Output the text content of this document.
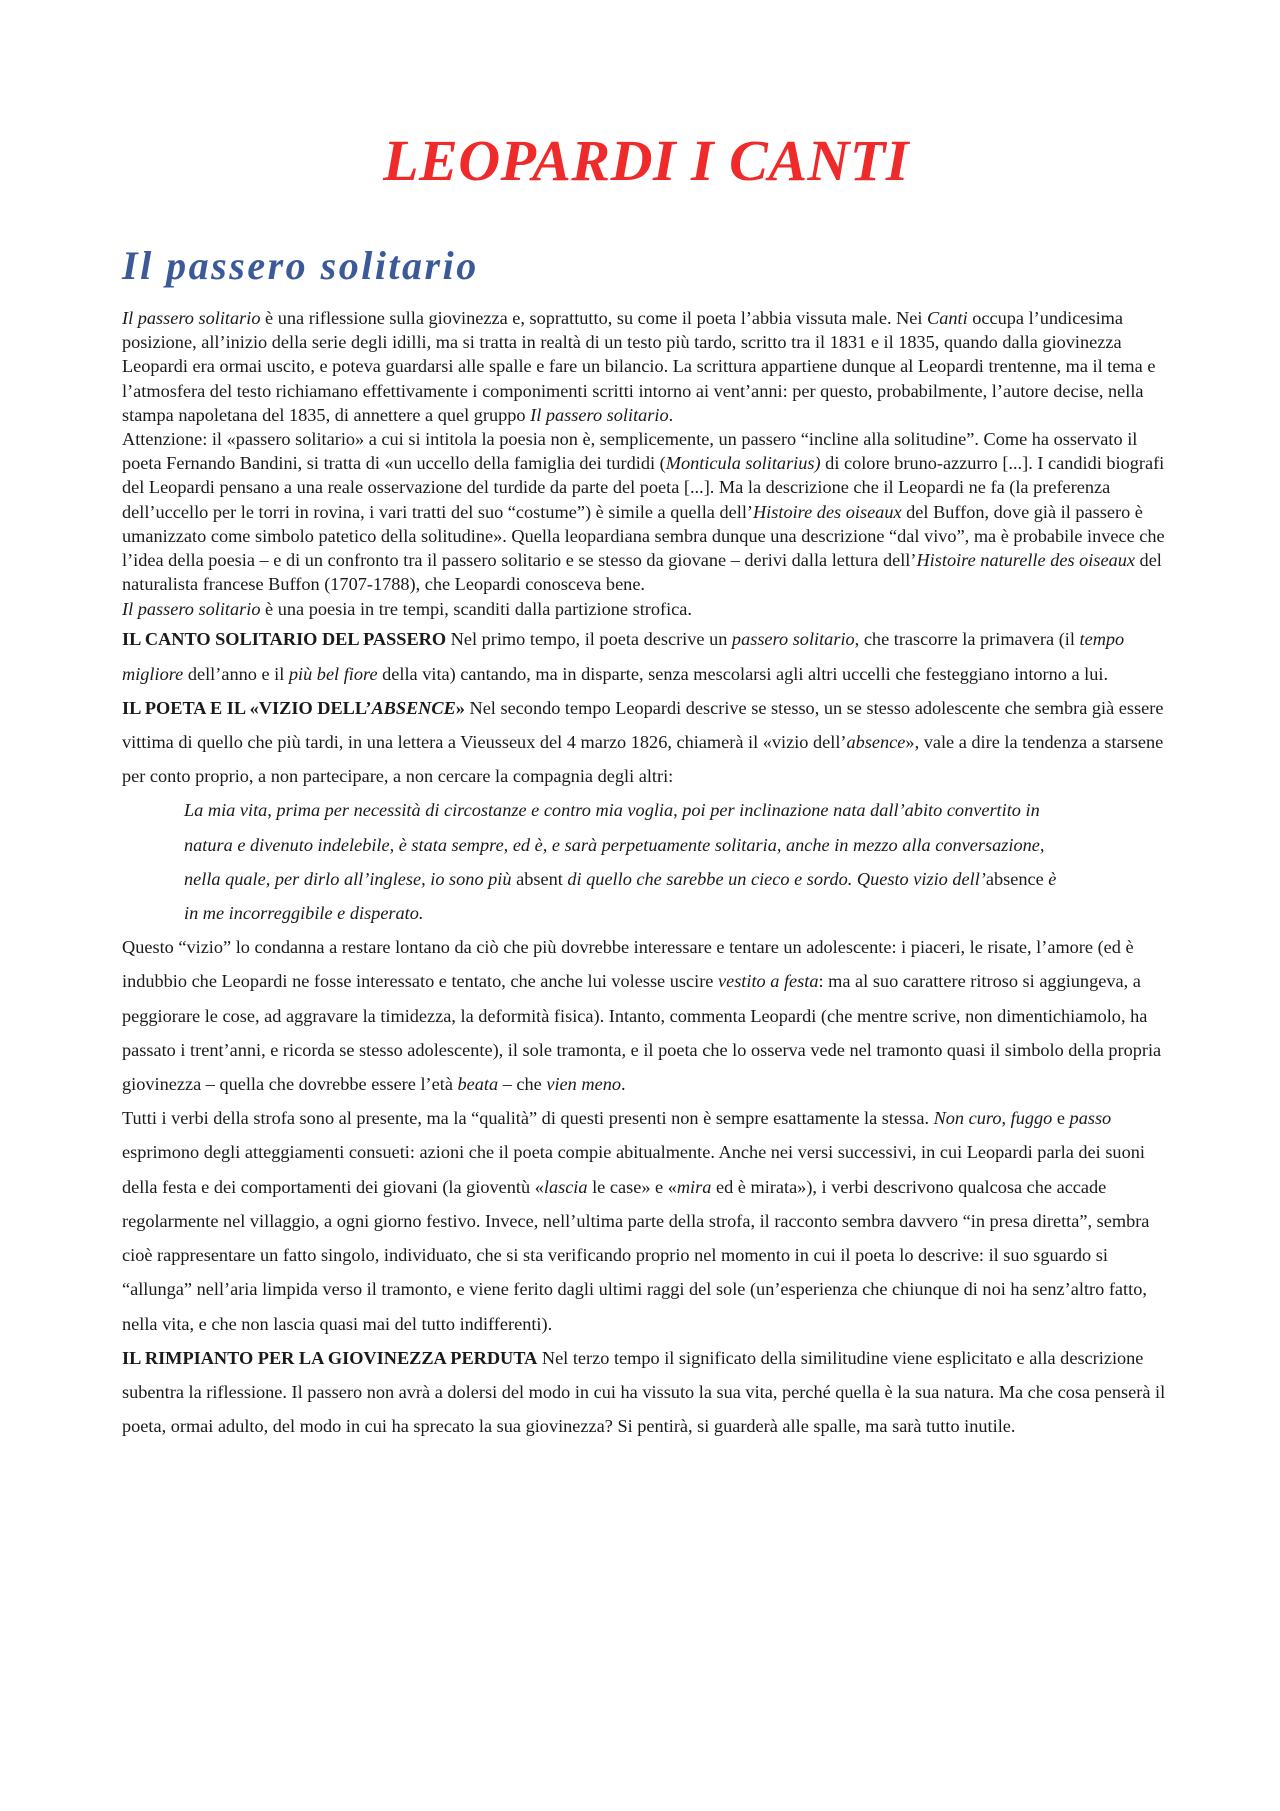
LEOPARDI I CANTI
Il passero solitario

Il passero solitario è una riflessione sulla giovinezza e, soprattutto, su come il poeta l’abbia vissuta male. Nei Canti occupa l’undicesima posizione, all’inizio della serie degli idilli, ma si tratta in realtà di un testo più tardo, scritto tra il 1831 e il 1835, quando dalla giovinezza Leopardi era ormai uscito, e poteva guardarsi alle spalle e fare un bilancio. La scrittura appartiene dunque al Leopardi trentenne, ma il tema e l’atmosfera del testo richiamano effettivamente i componimenti scritti intorno ai vent’anni: per questo, probabilmente, l’autore decise, nella stampa napoletana del 1835, di annettere a quel gruppo Il passero solitario.

Attenzione: il «passero solitario» a cui si intitola la poesia non è, semplicemente, un passero “incline alla solitudine”. Come ha osservato il poeta Fernando Bandini, si tratta di «un uccello della famiglia dei turdidi (Monticula solitarius) di colore bruno-azzurro [...]. I candidi biografi del Leopardi pensano a una reale osservazione del turdide da parte del poeta [...]. Ma la descrizione che il Leopardi ne fa (la preferenza dell’uccello per le torri in rovina, i vari tratti del suo “costume”) è simile a quella dell’Histoire des oiseaux del Buffon, dove già il passero è umanizzato come simbolo patetico della solitudine». Quella leopardiana sembra dunque una descrizione “dal vivo”, ma è probabile invece che l’idea della poesia – e di un confronto tra il passero solitario e se stesso da giovane – derivi dalla lettura dell’Histoire naturelle des oiseaux del naturalista francese Buffon (1707-1788), che Leopardi conosceva bene.

Il passero solitario è una poesia in tre tempi, scanditi dalla partizione strofica.

IL CANTO SOLITARIO DEL PASSERO Nel primo tempo, il poeta descrive un passero solitario, che trascorre la primavera (il tempo migliore dell’anno e il più bel fiore della vita) cantando, ma in disparte, senza mescolarsi agli altri uccelli che festeggiano intorno a lui.

IL POETA E IL «VIZIO DELL’ABSENCE» Nel secondo tempo Leopardi descrive se stesso, un se stesso adolescente che sembra già essere vittima di quello che più tardi, in una lettera a Vieusseux del 4 marzo 1826, chiamerà il «vizio dell’absence», vale a dire la tendenza a starsene per conto proprio, a non partecipare, a non cercare la compagnia degli altri:

La mia vita, prima per necessità di circostanze e contro mia voglia, poi per inclinazione nata dall’abito convertito in natura e divenuto indelebile, è stata sempre, ed è, e sarà perpetuamente solitaria, anche in mezzo alla conversazione, nella quale, per dirlo all’inglese, io sono più absent di quello che sarebbe un cieco e sordo. Questo vizio dell’absence è in me incorreggibile e disperato.

Questo “vizio” lo condanna a restare lontano da ciò che più dovrebbe interessare e tentare un adolescente: i piaceri, le risate, l’amore (ed è indubbio che Leopardi ne fosse interessato e tentato, che anche lui volesse uscire vestito a festa: ma al suo carattere ritroso si aggiungeva, a peggiorare le cose, ad aggravare la timidezza, la deformità fisica). Intanto, commenta Leopardi (che mentre scrive, non dimentichiamolo, ha passato i trent’anni, e ricorda se stesso adolescente), il sole tramonta, e il poeta che lo osserva vede nel tramonto quasi il simbolo della propria giovinezza – quella che dovrebbe essere l’età beata – che vien meno.

Tutti i verbi della strofa sono al presente, ma la “qualità” di questi presenti non è sempre esattamente la stessa. Non curo, fuggo e passo esprimono degli atteggiamenti consueti: azioni che il poeta compie abitualmente. Anche nei versi successivi, in cui Leopardi parla dei suoni della festa e dei comportamenti dei giovani (la gioventù «lascia le case» e «mira ed è mirata»), i verbi descrivono qualcosa che accade regolarmente nel villaggio, a ogni giorno festivo. Invece, nell’ultima parte della strofa, il racconto sembra davvero “in presa diretta”, sembra cioè rappresentare un fatto singolo, individuato, che si sta verificando proprio nel momento in cui il poeta lo descrive: il suo sguardo si “allunga” nell’aria limpida verso il tramonto, e viene ferito dagli ultimi raggi del sole (un’esperienza che chiunque di noi ha senz’altro fatto, nella vita, e che non lascia quasi mai del tutto indifferenti).

IL RIMPIANTO PER LA GIOVINEZZA PERDUTA Nel terzo tempo il significato della similitudine viene esplicitato e alla descrizione subentra la riflessione. Il passero non avrà a dolersi del modo in cui ha vissuto la sua vita, perché quella è la sua natura. Ma che cosa penserà il poeta, ormai adulto, del modo in cui ha sprecato la sua giovinezza? Si pentirà, si guarderà alle spalle, ma sarà tutto inutile.
